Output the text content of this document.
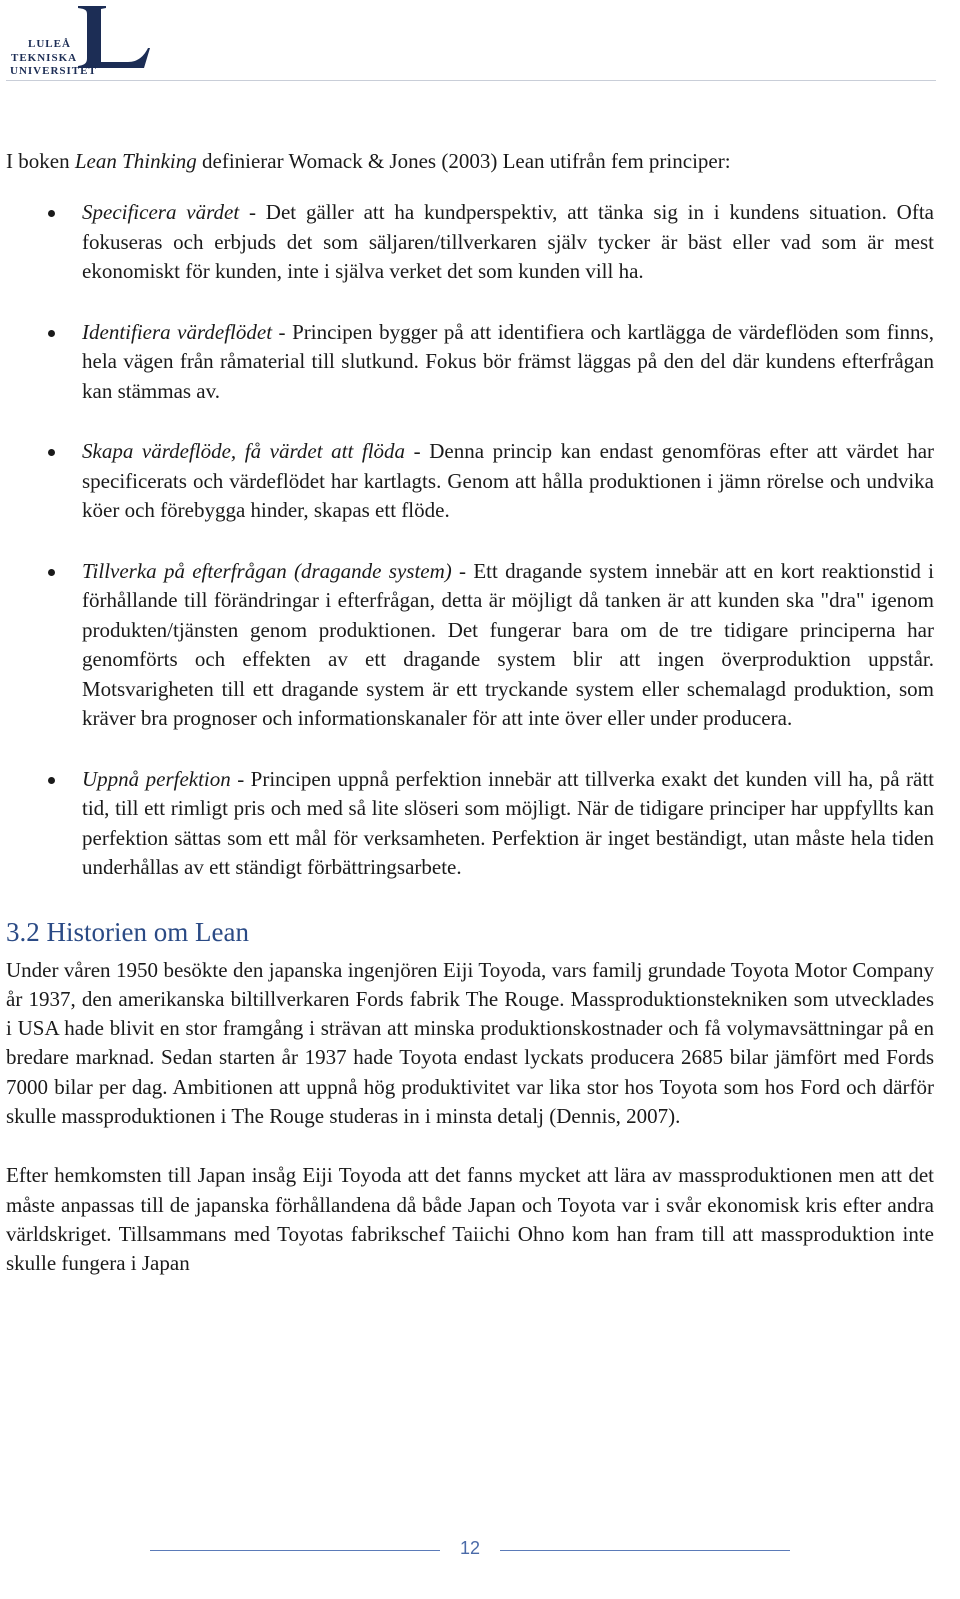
LULEÅ
TEKNISKA
UNIVERSITET

I boken Lean Thinking definierar Womack & Jones (2003) Lean utifrån fem principer:

Specificera värdet - Det gäller att ha kundperspektiv, att tänka sig in i kundens situation. Ofta fokuseras och erbjuds det som säljaren/tillverkaren själv tycker är bäst eller vad som är mest ekonomiskt för kunden, inte i själva verket det som kunden vill ha.
Identifiera värdeflödet - Principen bygger på att identifiera och kartlägga de värdeflöden som finns, hela vägen från råmaterial till slutkund. Fokus bör främst läggas på den del där kundens efterfrågan kan stämmas av.
Skapa värdeflöde, få värdet att flöda - Denna princip kan endast genomföras efter att värdet har specificerats och värdeflödet har kartlagts. Genom att hålla produktionen i jämn rörelse och undvika köer och förebygga hinder, skapas ett flöde.
Tillverka på efterfrågan (dragande system) - Ett dragande system innebär att en kort reaktionstid i förhållande till förändringar i efterfrågan, detta är möjligt då tanken är att kunden ska "dra" igenom produkten/tjänsten genom produktionen. Det fungerar bara om de tre tidigare principerna har genomförts och effekten av ett dragande system blir att ingen överproduktion uppstår. Motsvarigheten till ett dragande system är ett tryckande system eller schemalagd produktion, som kräver bra prognoser och informationskanaler för att inte över eller under producera.
Uppnå perfektion - Principen uppnå perfektion innebär att tillverka exakt det kunden vill ha, på rätt tid, till ett rimligt pris och med så lite slöseri som möjligt. När de tidigare principer har uppfyllts kan perfektion sättas som ett mål för verksamheten. Perfektion är inget beständigt, utan måste hela tiden underhållas av ett ständigt förbättringsarbete.
3.2 Historien om Lean

Under våren 1950 besökte den japanska ingenjören Eiji Toyoda, vars familj grundade Toyota Motor Company år 1937, den amerikanska biltillverkaren Fords fabrik The Rouge. Massproduktionstekniken som utvecklades i USA hade blivit en stor framgång i strävan att minska produktionskostnader och få volymavsättningar på en bredare marknad. Sedan starten år 1937 hade Toyota endast lyckats producera 2685 bilar jämfört med Fords 7000 bilar per dag. Ambitionen att uppnå hög produktivitet var lika stor hos Toyota som hos Ford och därför skulle massproduktionen i The Rouge studeras in i minsta detalj (Dennis, 2007).

Efter hemkomsten till Japan insåg Eiji Toyoda att det fanns mycket att lära av massproduktionen men att det måste anpassas till de japanska förhållandena då både Japan och Toyota var i svår ekonomisk kris efter andra världskriget. Tillsammans med Toyotas fabrikschef Taiichi Ohno kom han fram till att massproduktion inte skulle fungera i Japan

12
